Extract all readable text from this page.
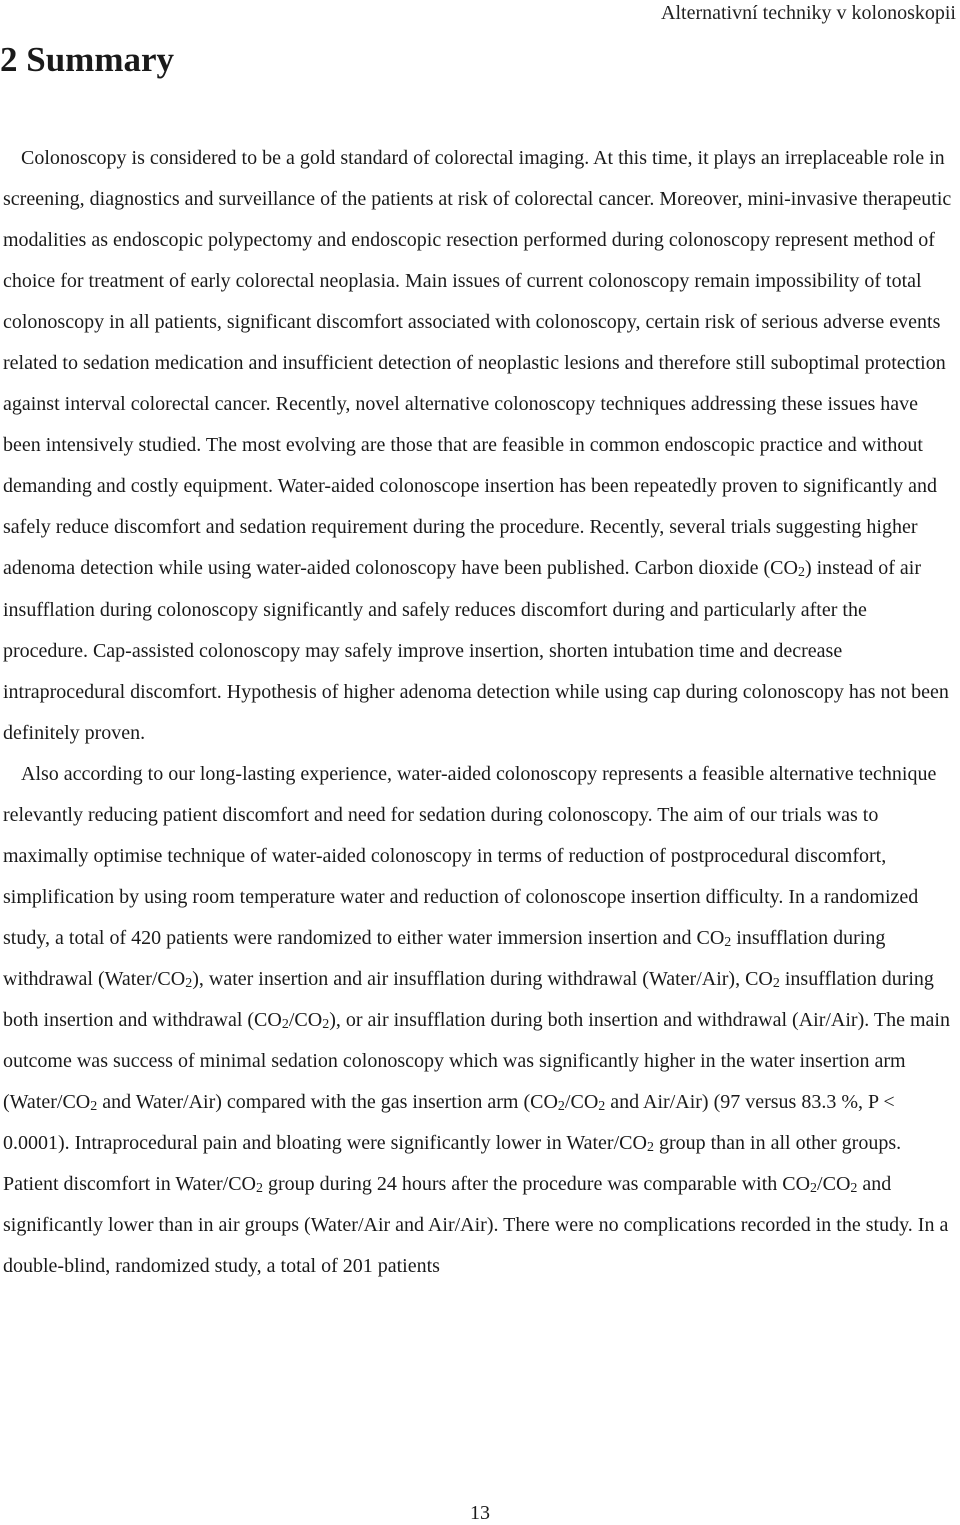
Alternativní techniky v kolonoskopii
2 Summary

Colonoscopy is considered to be a gold standard of colorectal imaging. At this time, it plays an irreplaceable role in screening, diagnostics and surveillance of the patients at risk of colorectal cancer. Moreover, mini-invasive therapeutic modalities as endoscopic polypectomy and endoscopic resection performed during colonoscopy represent method of choice for treatment of early colorectal neoplasia. Main issues of current colonoscopy remain impossibility of total colonoscopy in all patients, significant discomfort associated with colonoscopy, certain risk of serious adverse events related to sedation medication and insufficient detection of neoplastic lesions and therefore still suboptimal protection against interval colorectal cancer. Recently, novel alternative colonoscopy techniques addressing these issues have been intensively studied. The most evolving are those that are feasible in common endoscopic practice and without demanding and costly equipment. Water-aided colonoscope insertion has been repeatedly proven to significantly and safely reduce discomfort and sedation requirement during the procedure. Recently, several trials suggesting higher adenoma detection while using water-aided colonoscopy have been published. Carbon dioxide $(CO_2)$ instead of air insufflation during colonoscopy significantly and safely reduces discomfort during and particularly after the procedure. Cap-assisted colonoscopy may safely improve insertion, shorten intubation time and decrease intraprocedural discomfort. Hypothesis of higher adenoma detection while using cap during colonoscopy has not been definitely proven.

Also according to our long-lasting experience, water-aided colonoscopy represents a feasible alternative technique relevantly reducing patient discomfort and need for sedation during colonoscopy. The aim of our trials was to maximally optimise technique of water-aided colonoscopy in terms of reduction of postprocedural discomfort, simplification by using room temperature water and reduction of colonoscope insertion difficulty. In a randomized study, a total of 420 patients were randomized to either water immersion insertion and $CO_2$ insufflation during withdrawal $(Water/CO_2)$, water insertion and air insufflation during withdrawal (Water/Air), $CO_2$ insufflation during both insertion and withdrawal $(CO_2/CO_2)$, or air insufflation during both insertion and withdrawal (Air/Air). The main outcome was success of minimal sedation colonoscopy which was significantly higher in the water insertion arm ($Water/CO_2$ and Water/Air) compared with the gas insertion arm ($CO_2/CO_2$ and Air/Air) (97 versus 83.3 %, P < 0.0001). Intraprocedural pain and bloating were significantly lower in Water/$CO_2$ group than in all other groups. Patient discomfort in Water/$CO_2$ group during 24 hours after the procedure was comparable with $CO_2/CO_2$ and significantly lower than in air groups (Water/Air and Air/Air). There were no complications recorded in the study. In a double-blind, randomized study, a total of 201 patients

13
